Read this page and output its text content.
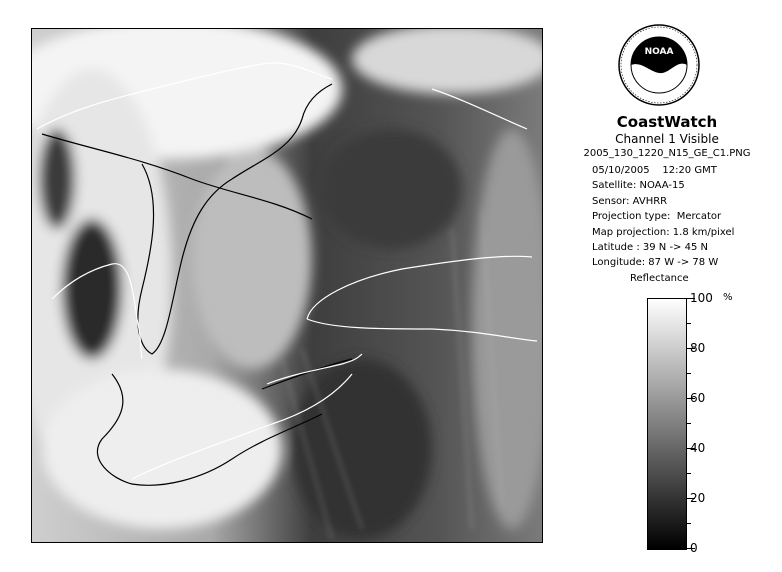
NOAA
CoastWatch
Channel 1 Visible
2005_130_1220_N15_GE_C1.PNG
05/10/2005    12:20 GMT
Satellite: NOAA-15
Sensor: AVHRR
Projection type:  Mercator
Map projection: 1.8 km/pixel
Latitude : 39 N -> 45 N
Longitude: 87 W -> 78 W
Reflectance
%
100
80
60
40
20
0
